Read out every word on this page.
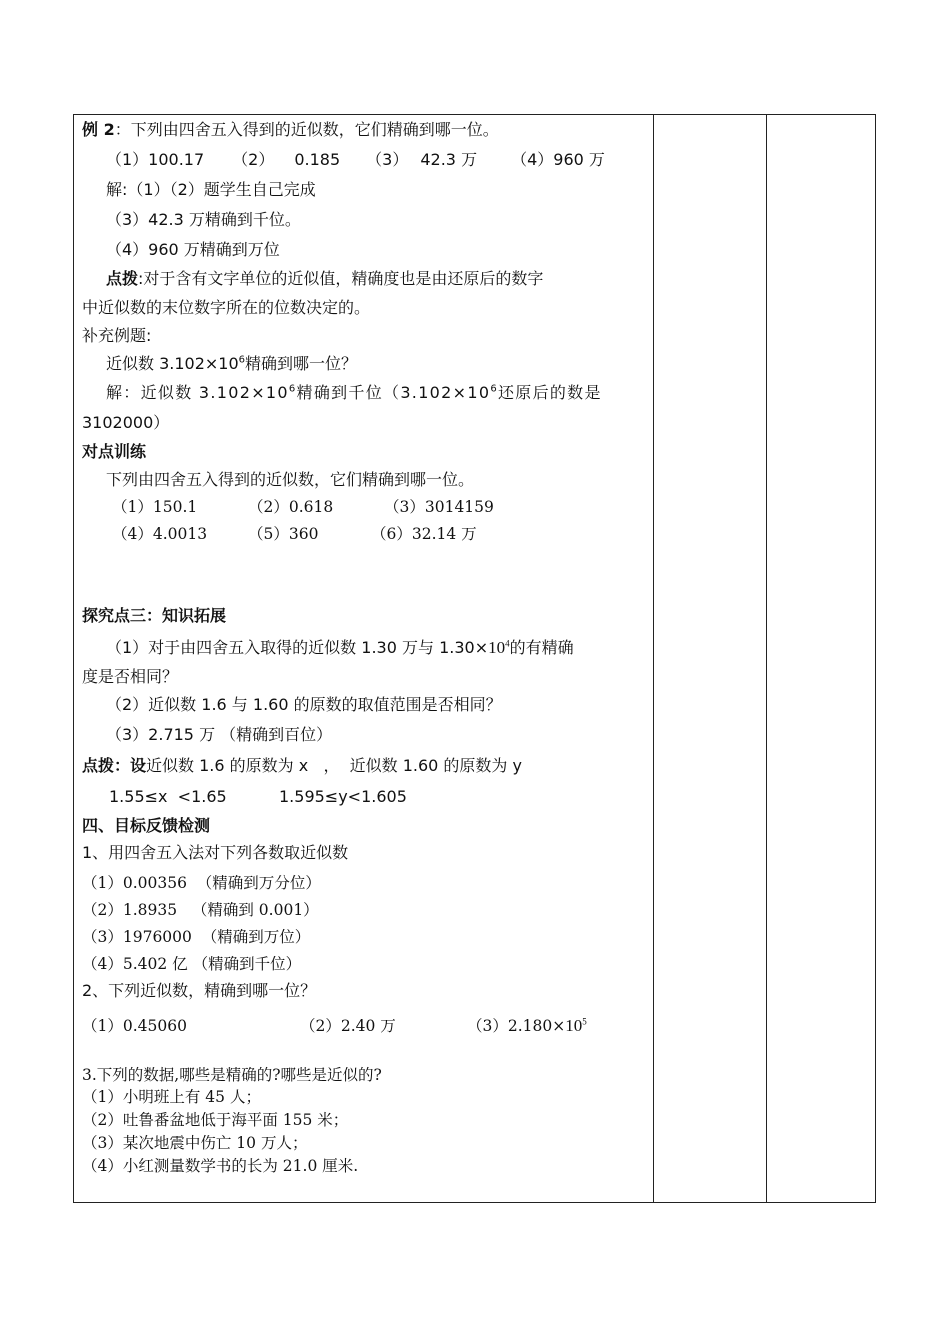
例 2：下列由四舍五入得到的近似数，它们精确到哪一位。
（1）100.17 （2） 0.185 （3） 42.3 万 （4）960 万
解:（1）（2）题学生自己完成
（3）42.3 万精确到千位。
（4）960 万精确到万位
点拨:对于含有文字单位的近似值，精确度也是由还原后的数字
中近似数的末位数字所在的位数决定的。
补充例题:
近似数 $3.102\times 10^6$精确到哪一位？
解：近似数 $3.102\times 10^6$精确到千位（$3.102\times 10^6$还原后的数是
3102000）
对点训练
下列由四舍五入得到的近似数，它们精确到哪一位。
（1）150.1	（2）0.618	（3）3014159
（4）4.0013	（5）360	（6）32.14 万
探究点三：知识拓展
（1）对于由四舍五入取得的近似数 1.30 万与 $1.30\times 10^4$的有精确
度是否相同？
（2）近似数 1.6 与 1.60 的原数的取值范围是否相同？
（3）2.715 万 （精确到百位）
点拨：设近似数 1.6 的原数为 x   ，  近似数 1.60 的原数为 y
1.55≤x  <1.65	1.595≤y<1.605
四、目标反馈检测
1、用四舍五入法对下列各数取近似数
（1）0.00356  （精确到万分位）
（2）1.8935   （精确到 0.001）
（3）1976000  （精确到万位）
（4）5.402 亿 （精确到千位）
2、下列近似数，精确到哪一位？
（1）0.45060	（2）2.40 万	$(3)2.180\times 10^5$
3.下列的数据,哪些是精确的?哪些是近似的?
（1）小明班上有 45 人；
（2）吐鲁番盆地低于海平面 155 米；
（3）某次地震中伤亡 10 万人；
（4）小红测量数学书的长为 21.0 厘米.
